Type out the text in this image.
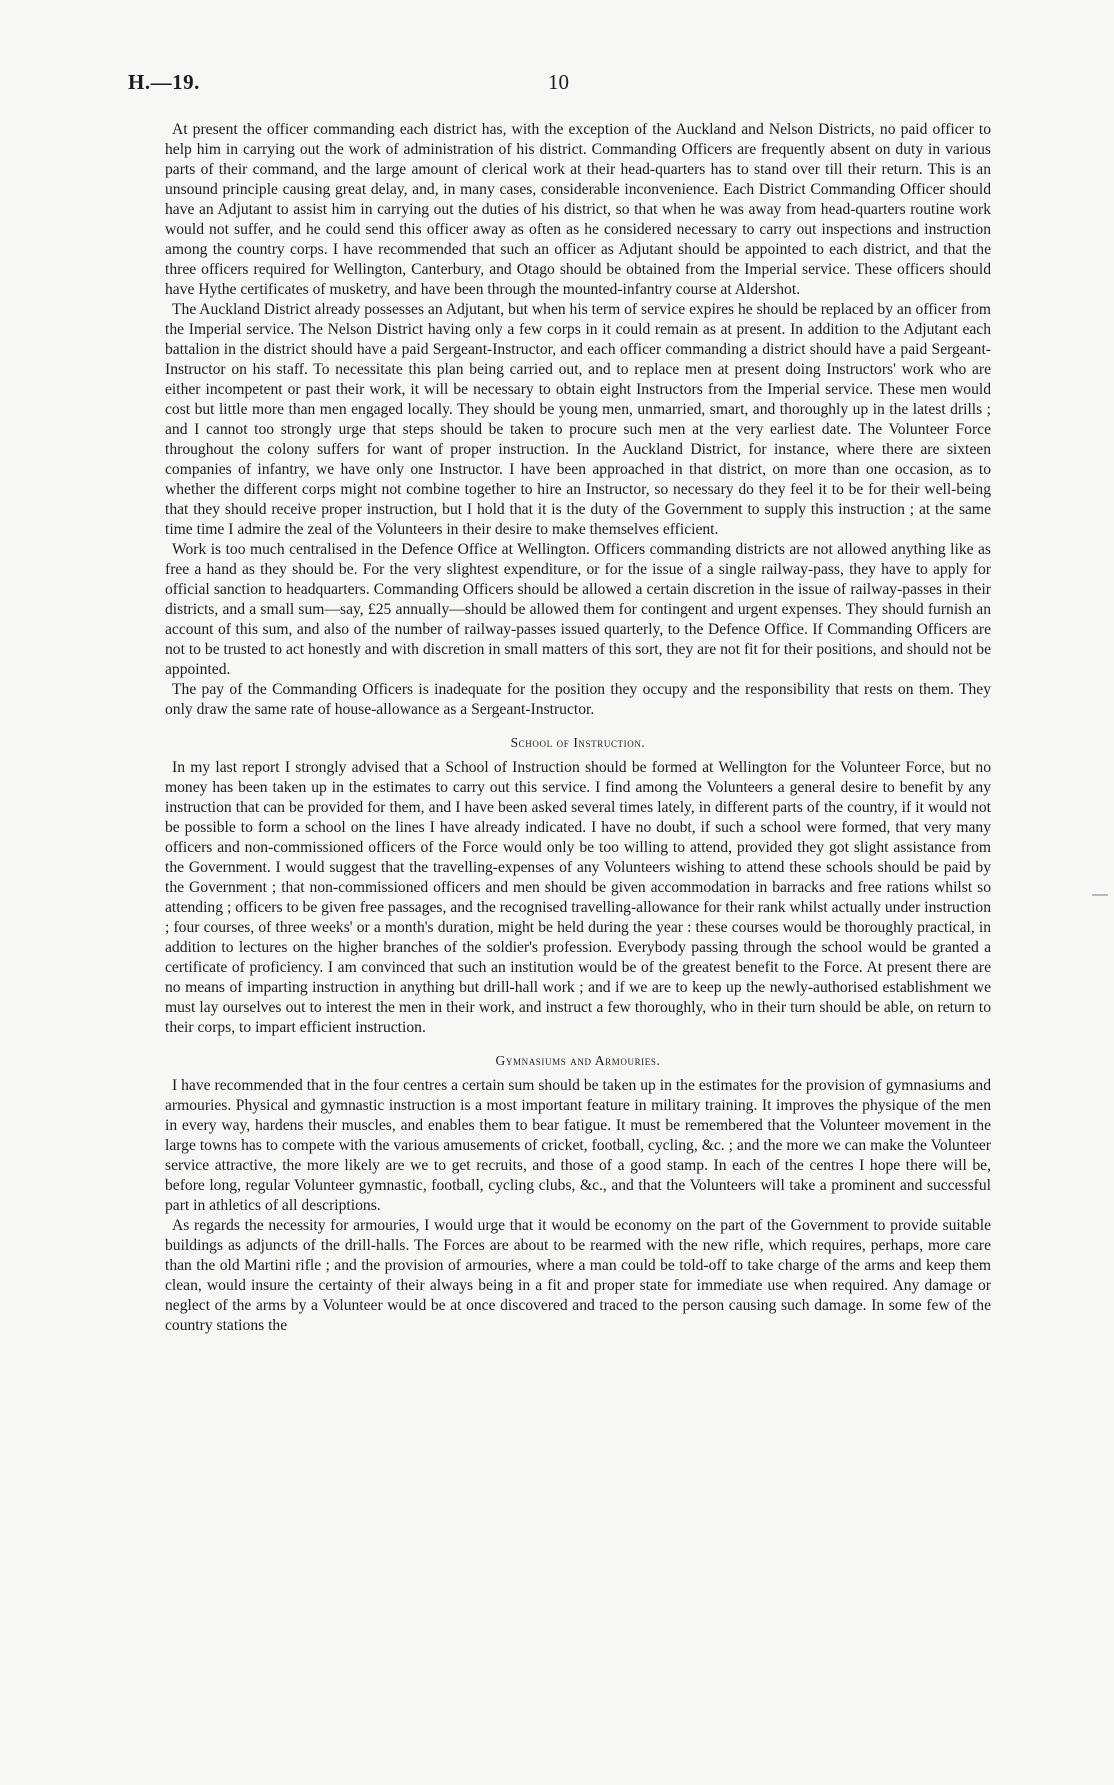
H.—19.	10

At present the officer commanding each district has, with the exception of the Auckland and Nelson Districts, no paid officer to help him in carrying out the work of administration of his district. Commanding Officers are frequently absent on duty in various parts of their command, and the large amount of clerical work at their head-quarters has to stand over till their return. This is an unsound principle causing great delay, and, in many cases, considerable inconvenience. Each District Commanding Officer should have an Adjutant to assist him in carrying out the duties of his district, so that when he was away from head-quarters routine work would not suffer, and he could send this officer away as often as he considered necessary to carry out inspections and instruction among the country corps. I have recommended that such an officer as Adjutant should be appointed to each district, and that the three officers required for Wellington, Canterbury, and Otago should be obtained from the Imperial service. These officers should have Hythe certificates of musketry, and have been through the mounted-infantry course at Aldershot.

The Auckland District already possesses an Adjutant, but when his term of service expires he should be replaced by an officer from the Imperial service. The Nelson District having only a few corps in it could remain as at present. In addition to the Adjutant each battalion in the district should have a paid Sergeant-Instructor, and each officer commanding a district should have a paid Sergeant-Instructor on his staff. To necessitate this plan being carried out, and to replace men at present doing Instructors' work who are either incompetent or past their work, it will be necessary to obtain eight Instructors from the Imperial service. These men would cost but little more than men engaged locally. They should be young men, unmarried, smart, and thoroughly up in the latest drills ; and I cannot too strongly urge that steps should be taken to procure such men at the very earliest date. The Volunteer Force throughout the colony suffers for want of proper instruction. In the Auckland District, for instance, where there are sixteen companies of infantry, we have only one Instructor. I have been approached in that district, on more than one occasion, as to whether the different corps might not combine together to hire an Instructor, so necessary do they feel it to be for their well-being that they should receive proper instruction, but I hold that it is the duty of the Government to supply this instruction ; at the same time time I admire the zeal of the Volunteers in their desire to make themselves efficient.

Work is too much centralised in the Defence Office at Wellington. Officers commanding districts are not allowed anything like as free a hand as they should be. For the very slightest expenditure, or for the issue of a single railway-pass, they have to apply for official sanction to headquarters. Commanding Officers should be allowed a certain discretion in the issue of railway-passes in their districts, and a small sum—say, £25 annually—should be allowed them for contingent and urgent expenses. They should furnish an account of this sum, and also of the number of railway-passes issued quarterly, to the Defence Office. If Commanding Officers are not to be trusted to act honestly and with discretion in small matters of this sort, they are not fit for their positions, and should not be appointed.

The pay of the Commanding Officers is inadequate for the position they occupy and the responsibility that rests on them. They only draw the same rate of house-allowance as a Sergeant-Instructor.

School of Instruction.

In my last report I strongly advised that a School of Instruction should be formed at Wellington for the Volunteer Force, but no money has been taken up in the estimates to carry out this service. I find among the Volunteers a general desire to benefit by any instruction that can be provided for them, and I have been asked several times lately, in different parts of the country, if it would not be possible to form a school on the lines I have already indicated. I have no doubt, if such a school were formed, that very many officers and non-commissioned officers of the Force would only be too willing to attend, provided they got slight assistance from the Government. I would suggest that the travelling-expenses of any Volunteers wishing to attend these schools should be paid by the Government ; that non-commissioned officers and men should be given accommodation in barracks and free rations whilst so attending ; officers to be given free passages, and the recognised travelling-allowance for their rank whilst actually under instruction ; four courses, of three weeks' or a month's duration, might be held during the year : these courses would be thoroughly practical, in addition to lectures on the higher branches of the soldier's profession. Everybody passing through the school would be granted a certificate of proficiency. I am convinced that such an institution would be of the greatest benefit to the Force. At present there are no means of imparting instruction in anything but drill-hall work ; and if we are to keep up the newly-authorised establishment we must lay ourselves out to interest the men in their work, and instruct a few thoroughly, who in their turn should be able, on return to their corps, to impart efficient instruction.

Gymnasiums and Armouries.

I have recommended that in the four centres a certain sum should be taken up in the estimates for the provision of gymnasiums and armouries. Physical and gymnastic instruction is a most important feature in military training. It improves the physique of the men in every way, hardens their muscles, and enables them to bear fatigue. It must be remembered that the Volunteer movement in the large towns has to compete with the various amusements of cricket, football, cycling, &c. ; and the more we can make the Volunteer service attractive, the more likely are we to get recruits, and those of a good stamp. In each of the centres I hope there will be, before long, regular Volunteer gymnastic, football, cycling clubs, &c., and that the Volunteers will take a prominent and successful part in athletics of all descriptions.

As regards the necessity for armouries, I would urge that it would be economy on the part of the Government to provide suitable buildings as adjuncts of the drill-halls. The Forces are about to be rearmed with the new rifle, which requires, perhaps, more care than the old Martini rifle ; and the provision of armouries, where a man could be told-off to take charge of the arms and keep them clean, would insure the certainty of their always being in a fit and proper state for immediate use when required. Any damage or neglect of the arms by a Volunteer would be at once discovered and traced to the person causing such damage. In some few of the country stations the
